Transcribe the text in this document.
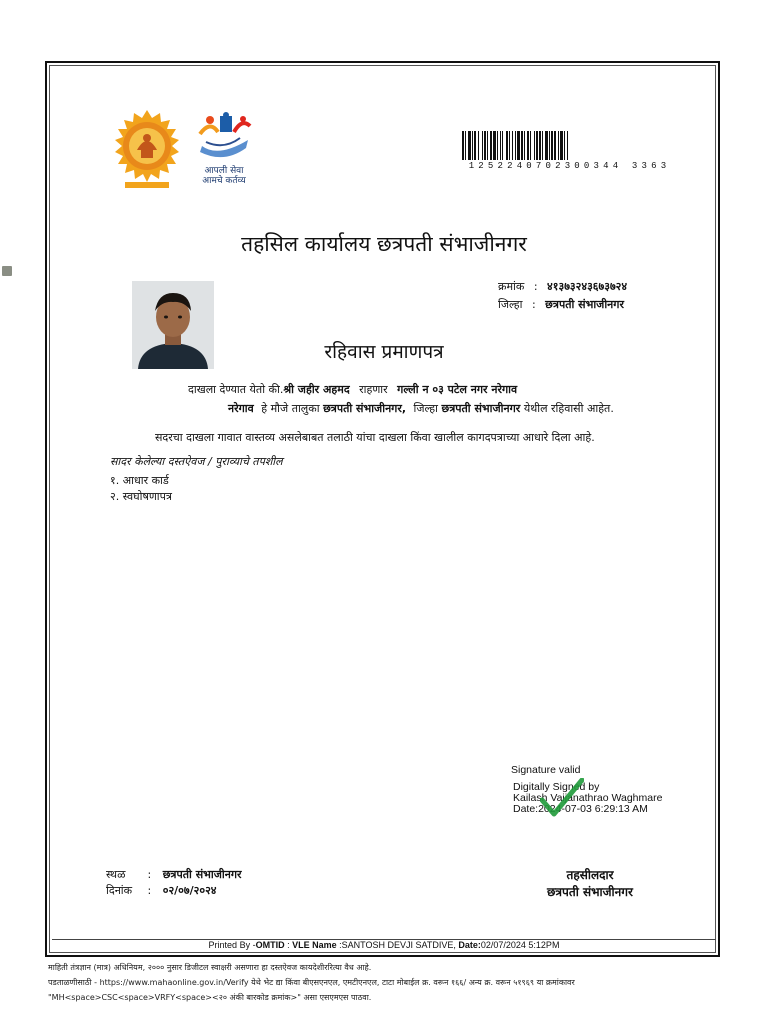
आपली सेवा
आमचे कर्तव्य
1252240702300344 3363
तहसिल कार्यालय छत्रपती संभाजीनगर
क्रमांक : ४१३७३२४३६७३७२४
जिल्हा : छत्रपती संभाजीनगर
रहिवास प्रमाणपत्र
दाखला देण्यात येतो की.श्री जहीर अहमद राहणार गल्ली न ०३ पटेल नगर नरेगाव
नरेगाव हे मौजे तालुका छत्रपती संभाजीनगर, जिल्हा छत्रपती संभाजीनगर येथील रहिवासी आहेत.
सदरचा दाखला गावात वास्तव्य असलेबाबत तलाठी यांचा दाखला किंवा खालील कागदपत्राच्या आधारे दिला आहे.
सादर केलेल्या दस्तऐवज / पुराव्याचे तपशील
१. आधार कार्ड
२. स्वघोषणापत्र
Signature valid
Digitally Signed by
Kailash Vaijanathrao Waghmare
Date:2024-07-03 6:29:13 AM
स्थळ : छत्रपती संभाजीनगर
दिनांक : ०२/०७/२०२४
तहसीलदार
छत्रपती संभाजीनगर
Printed By -OMTID : VLE Name :SANTOSH DEVJI SATDIVE, Date:02/07/2024 5:12PM
माहिती तंत्रज्ञान (मात्र) अधिनियम, २००० नुसार डिजीटल स्वाक्षरी असणारा हा दस्तऐवज कायदेशीररित्या वैध आहे.
पडताळणीसाठी - https://www.mahaonline.gov.in/Verify येथे भेट द्या किंवा बीएसएनएल, एमटीएनएल, टाटा मोबाईल क्र. वरून १६६/ अन्य क्र. वरून ५१९६९ या क्रमांकावर
"MH<space>CSC<space>VRFY<space><२० अंकी बारकोड क्रमांक>" असा एसएमएस पाठवा.
